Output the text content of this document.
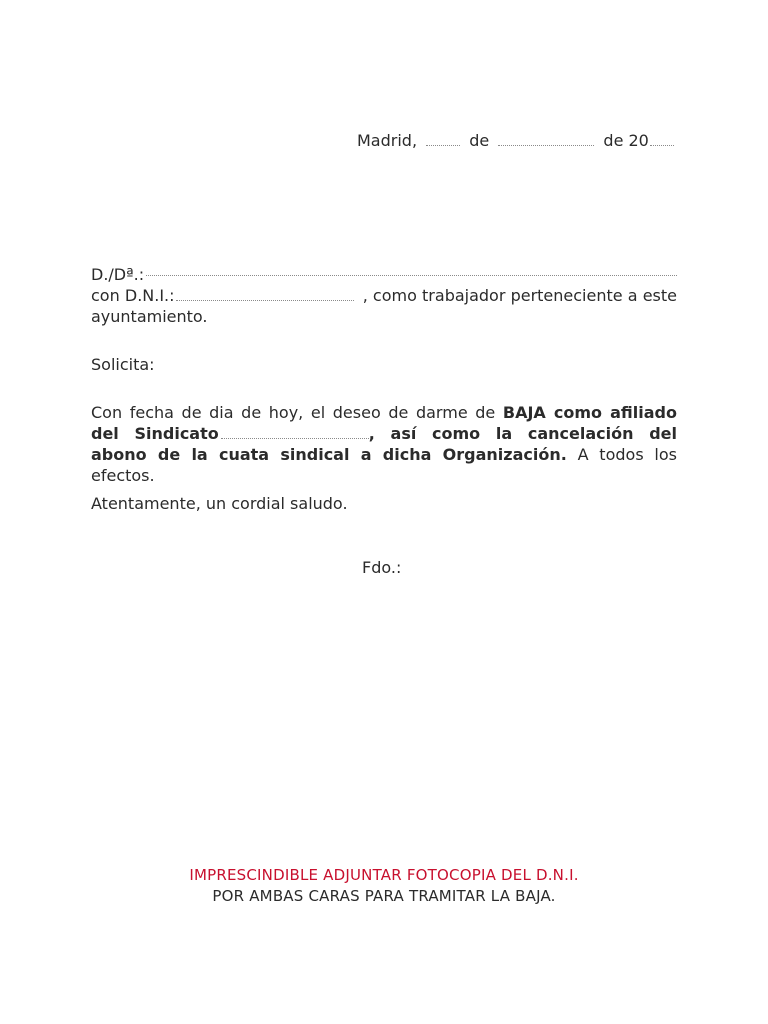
Madrid,	de	de 20
D./Dª.:
con D.N.I.:	, como trabajador perteneciente a este ayuntamiento.
Solicita:
Con fecha de dia de hoy, el deseo de darme de BAJA como afiliado del Sindicato	, así como la cancelación del abono de la cuata sindical a dicha Organización. A todos los efectos.
Atentamente, un cordial saludo.
Fdo.:
IMPRESCINDIBLE ADJUNTAR FOTOCOPIA DEL D.N.I.
POR AMBAS CARAS PARA TRAMITAR LA BAJA.
